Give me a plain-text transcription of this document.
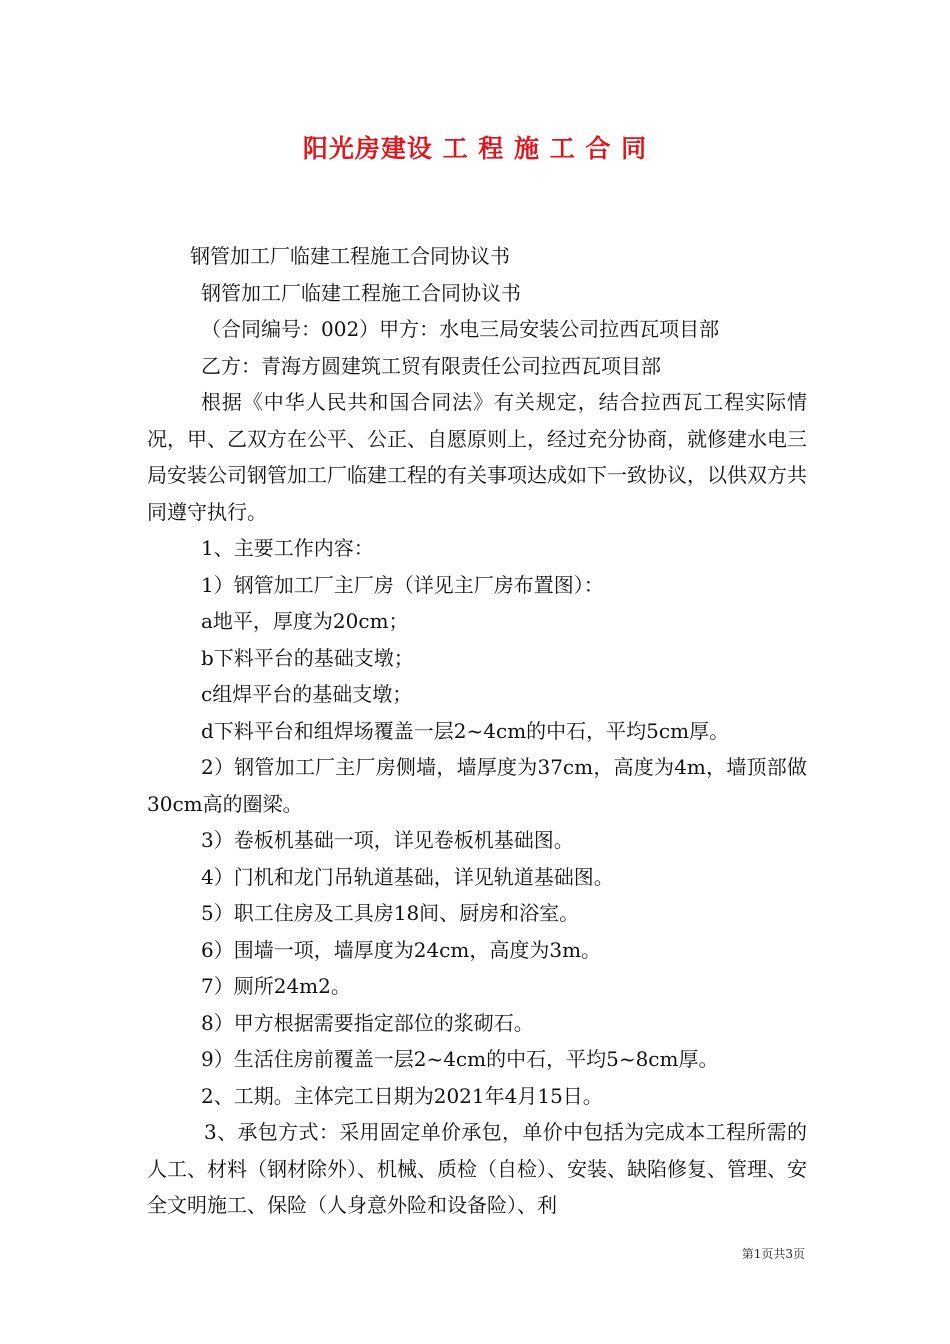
阳光房建设 工 程 施 工 合 同

钢管加工厂临建工程施工合同协议书

钢管加工厂临建工程施工合同协议书

（合同编号：002）甲方：水电三局安装公司拉西瓦项目部

乙方：青海方圆建筑工贸有限责任公司拉西瓦项目部

根据《中华人民共和国合同法》有关规定，结合拉西瓦工程实际情况，甲、乙双方在公平、公正、自愿原则上，经过充分协商，就修建水电三局安装公司钢管加工厂临建工程的有关事项达成如下一致协议，以供双方共同遵守执行。

1、主要工作内容：

1）钢管加工厂主厂房（详见主厂房布置图）：

a地平，厚度为20cm；

b下料平台的基础支墩；

c组焊平台的基础支墩；

d下料平台和组焊场覆盖一层2~4cm的中石，平均5cm厚。

2）钢管加工厂主厂房侧墙，墙厚度为37cm，高度为4m，墙顶部做30cm高的圈梁。

3）卷板机基础一项，详见卷板机基础图。

4）门机和龙门吊轨道基础，详见轨道基础图。

5）职工住房及工具房18间、厨房和浴室。

6）围墙一项，墙厚度为24cm，高度为3m。

7）厕所24m2。

8）甲方根据需要指定部位的浆砌石。

9）生活住房前覆盖一层2~4cm的中石，平均5~8cm厚。

2、工期。主体完工日期为2021年4月15日。

3、承包方式：采用固定单价承包，单价中包括为完成本工程所需的人工、材料（钢材除外）、机械、质检（自检）、安装、缺陷修复、管理、安全文明施工、保险（人身意外险和设备险）、利

第1页共3页
